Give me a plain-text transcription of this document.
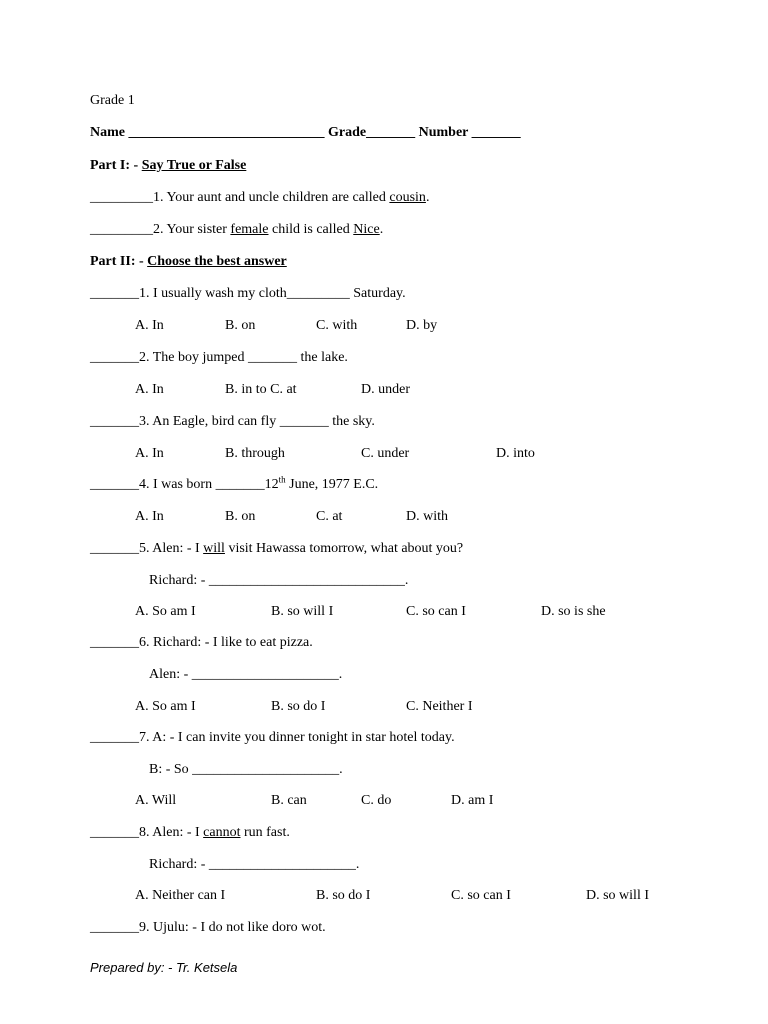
Grade 1
Name ____________________________ Grade_______ Number _______
Part I: - Say True or False
_________1. Your aunt and uncle children are called cousin.
_________2. Your sister female child is called Nice.
Part II: - Choose the best answer
_______1. I usually wash my cloth_________ Saturday.
A. In	B. on	C. with	D. by
_______2. The boy jumped _______ the lake.
A. In	B. in to C. at	D. under
_______3. An Eagle, bird can fly _______ the sky.
A. In	B. through	C. under	D. into
_______4. I was born _______12th June, 1977 E.C.
A. In	B. on	C. at	D. with
_______5. Alen: - I will visit Hawassa tomorrow, what about you?
Richard: - ____________________________.
A. So am I	B. so will I	C. so can I	D. so is she
_______6. Richard: - I like to eat pizza.
Alen: - _____________________.
A. So am I	B. so do I	C. Neither I
_______7. A: - I can invite you dinner tonight in star hotel today.
B: - So _____________________.
A. Will	B. can	C. do	D. am I
_______8. Alen: - I cannot run fast.
Richard: - _____________________.
A. Neither can I	B. so do I	C. so can I	D. so will I
_______9. Ujulu: - I do not like doro wot.
Prepared by: - Tr. Ketsela
